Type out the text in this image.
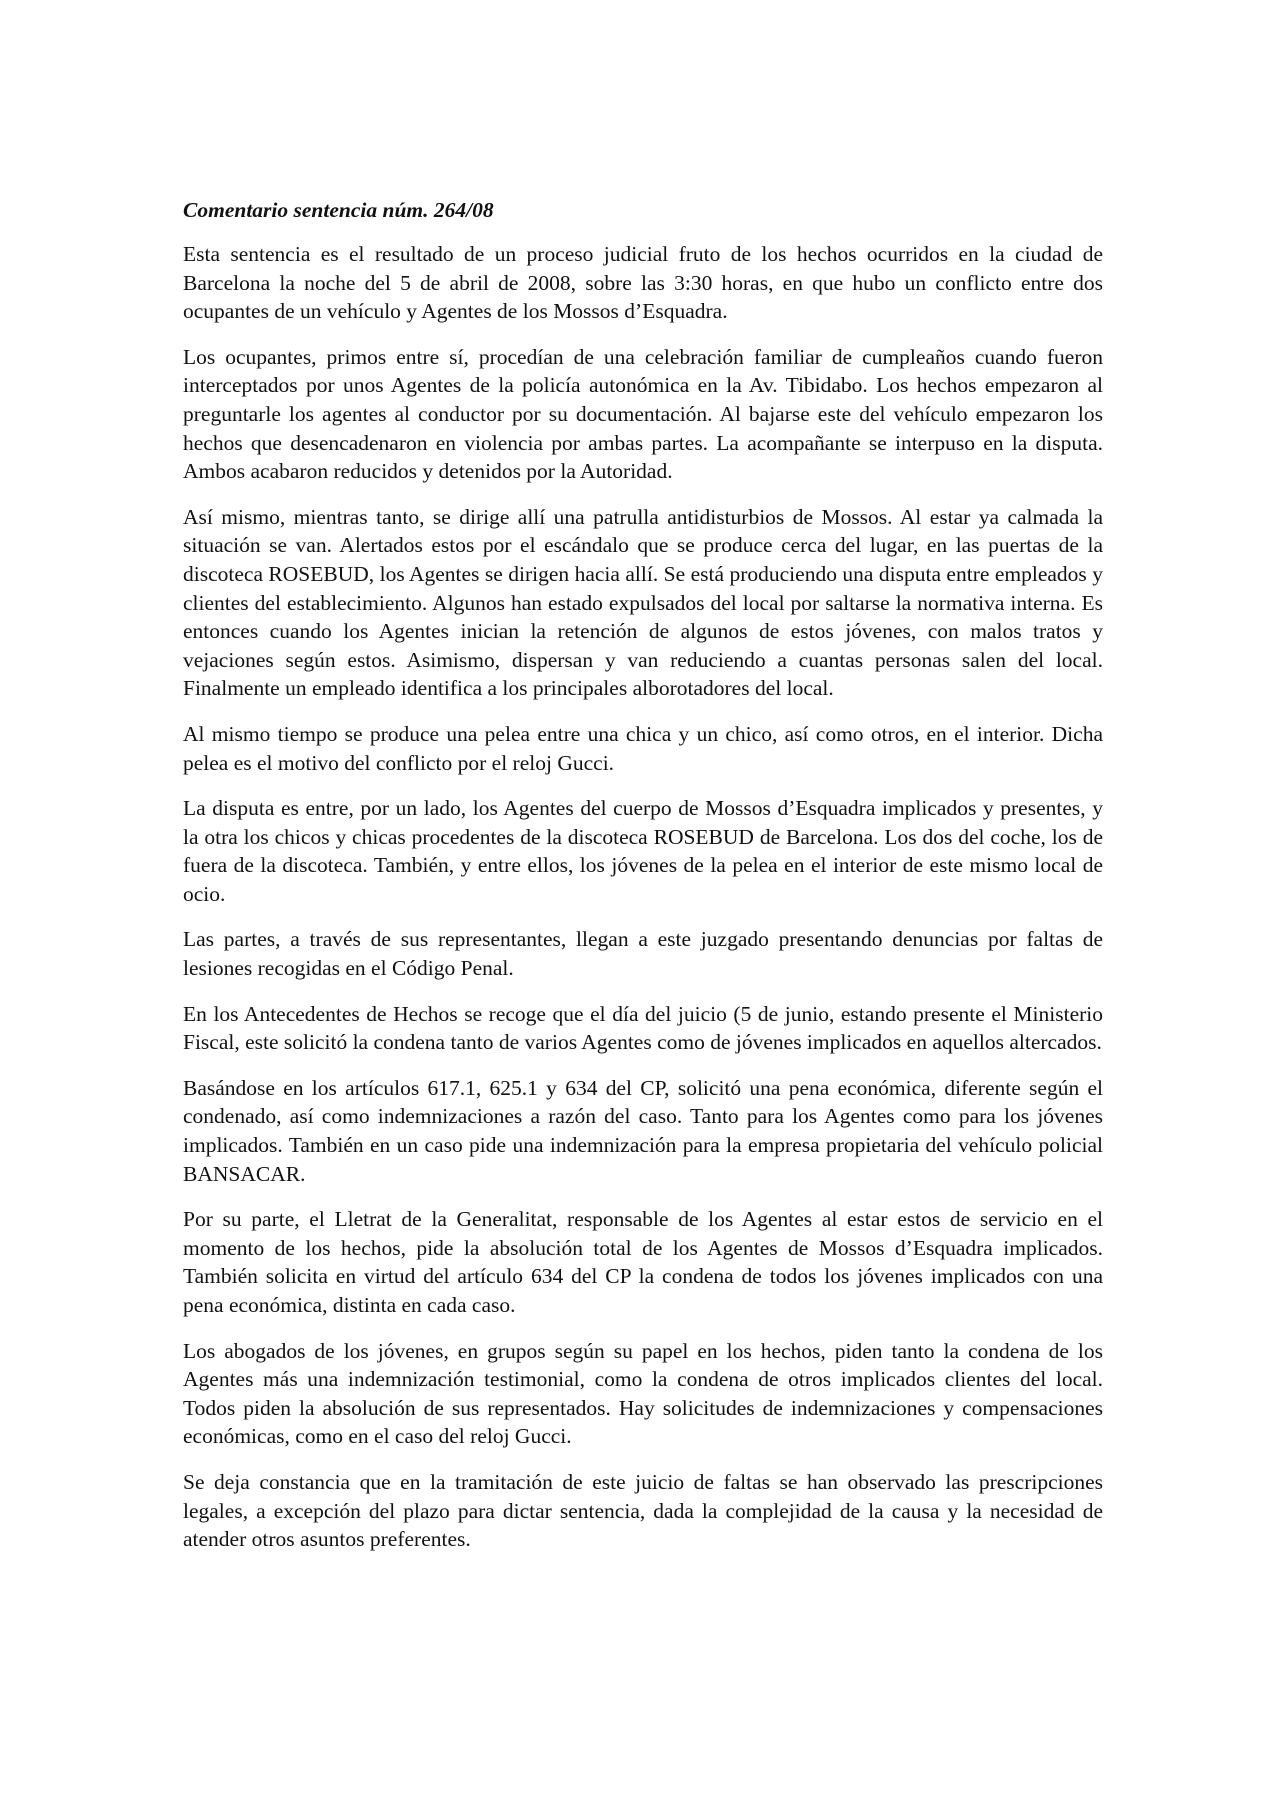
Comentario sentencia núm. 264/08

Esta sentencia es el resultado de un proceso judicial fruto de los hechos ocurridos en la ciudad de Barcelona la noche del 5 de abril de 2008, sobre las 3:30 horas, en que hubo un conflicto entre dos ocupantes de un vehículo y Agentes de los Mossos d’Esquadra.

Los ocupantes, primos entre sí, procedían de una celebración familiar de cumpleaños cuando fueron interceptados por unos Agentes de la policía autonómica en la Av. Tibidabo. Los hechos empezaron al preguntarle los agentes al conductor por su documentación. Al bajarse este del vehículo empezaron los hechos que desencadenaron en violencia por ambas partes. La acompañante se interpuso en la disputa. Ambos acabaron reducidos y detenidos por la Autoridad.

Así mismo, mientras tanto, se dirige allí una patrulla antidisturbios de Mossos. Al estar ya calmada la situación se van. Alertados estos por el escándalo que se produce cerca del lugar, en las puertas de la discoteca ROSEBUD, los Agentes se dirigen hacia allí. Se está produciendo una disputa entre empleados y clientes del establecimiento. Algunos han estado expulsados del local por saltarse la normativa interna. Es entonces cuando los Agentes inician la retención de algunos de estos jóvenes, con malos tratos y vejaciones según estos. Asimismo, dispersan y van reduciendo a cuantas personas salen del local. Finalmente un empleado identifica a los principales alborotadores del local.

Al mismo tiempo se produce una pelea entre una chica y un chico, así como otros, en el interior. Dicha pelea es el motivo del conflicto por el reloj Gucci.

La disputa es entre, por un lado, los Agentes del cuerpo de Mossos d’Esquadra implicados y presentes, y la otra los chicos y chicas procedentes de la discoteca ROSEBUD de Barcelona. Los dos del coche, los de fuera de la discoteca. También, y entre ellos, los jóvenes de la pelea en el interior de este mismo local de ocio.

Las partes, a través de sus representantes, llegan a este juzgado presentando denuncias por faltas de lesiones recogidas en el Código Penal.

En los Antecedentes de Hechos se recoge que el día del juicio (5 de junio, estando presente el Ministerio Fiscal, este solicitó la condena tanto de varios Agentes como de jóvenes implicados en aquellos altercados.

Basándose en los artículos 617.1, 625.1 y 634 del CP, solicitó una pena económica, diferente según el condenado, así como indemnizaciones a razón del caso. Tanto para los Agentes como para los jóvenes implicados. También en un caso pide una indemnización para la empresa propietaria del vehículo policial BANSACAR.

Por su parte, el Lletrat de la Generalitat, responsable de los Agentes al estar estos de servicio en el momento de los hechos, pide la absolución total de los Agentes de Mossos d’Esquadra implicados. También solicita en virtud del artículo 634 del CP la condena de todos los jóvenes implicados con una pena económica, distinta en cada caso.

Los abogados de los jóvenes, en grupos según su papel en los hechos, piden tanto la condena de los Agentes más una indemnización testimonial, como la condena de otros implicados clientes del local. Todos piden la absolución de sus representados. Hay solicitudes de indemnizaciones y compensaciones económicas, como en el caso del reloj Gucci.

Se deja constancia que en la tramitación de este juicio de faltas se han observado las prescripciones legales, a excepción del plazo para dictar sentencia, dada la complejidad de la causa y la necesidad de atender otros asuntos preferentes.
